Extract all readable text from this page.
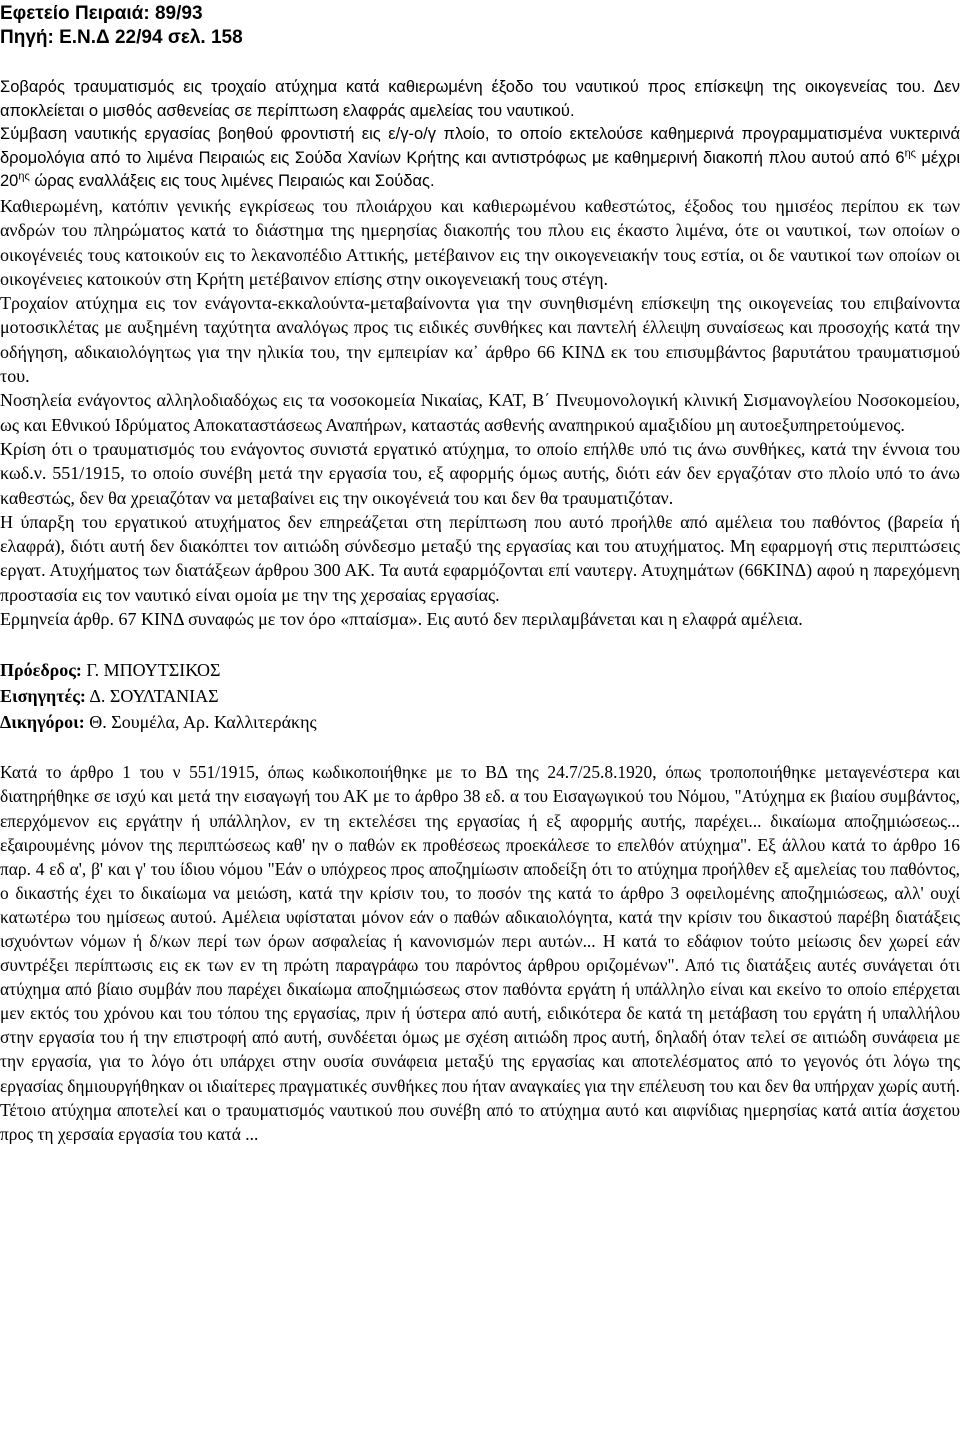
Εφετείο Πειραιά: 89/93

Πηγή: Ε.Ν.Δ 22/94 σελ. 158

Σοβαρός τραυματισμός εις τροχαίο ατύχημα κατά καθιερωμένη έξοδο του ναυτικού προς επίσκεψη της οικογενείας του. Δεν αποκλείεται ο μισθός ασθενείας σε περίπτωση ελαφράς αμελείας του ναυτικού.

Σύμβαση ναυτικής εργασίας βοηθού φροντιστή εις ε/γ-ο/γ πλοίο, το οποίο εκτελούσε καθημερινά προγραμματισμένα νυκτερινά δρομολόγια από το λιμένα Πειραιώς εις Σούδα Χανίων Κρήτης και αντιστρόφως με καθημερινή διακοπή πλου αυτού από $6^{\eta\varsigma}$ μέχρι $20^{\eta\varsigma}$ ώρας εναλλάξεις εις τους λιμένες Πειραιώς και Σούδας.

Καθιερωμένη, κατόπιν γενικής εγκρίσεως του πλοιάρχου και καθιερωμένου καθεστώτος, έξοδος του ημισέος περίπου εκ των ανδρών του πληρώματος κατά το διάστημα της ημερησίας διακοπής του πλου εις έκαστο λιμένα, ότε οι ναυτικοί, των οποίων ο οικογένειές τους κατοικούν εις το λεκανοπέδιο Αττικής, μετέβαινον εις την οικογενειακήν τους εστία, οι δε ναυτικοί των οποίων οι οικογένειες κατοικούν στη Κρήτη μετέβαινον επίσης στην οικογενειακή τους στέγη.

Τροχαίον ατύχημα εις τον ενάγοντα-εκκαλούντα-μεταβαίνοντα για την συνηθισμένη επίσκεψη της οικογενείας του επιβαίνοντα μοτοσικλέτας με αυξημένη ταχύτητα αναλόγως προς τις ειδικές συνθήκες και παντελή έλλειψη συναίσεως και προσοχής κατά την οδήγηση, αδικαιολόγητως για την ηλικία του, την εμπειρίαν κα᾽ άρθρο 66 ΚΙΝΔ εκ του επισυμβάντος βαρυτάτου τραυματισμού του.

Νοσηλεία ενάγοντος αλληλοδιαδόχως εις τα νοσοκομεία Νικαίας, ΚΑΤ, Β΄ Πνευμονολογική κλινική Σισμανογλείου Νοσοκομείου, ως και Εθνικού Ιδρύματος Αποκαταστάσεως Αναπήρων, καταστάς ασθενής αναπηρικού αμαξιδίου μη αυτοεξυπηρετούμενος.

Κρίση ότι ο τραυματισμός του ενάγοντος συνιστά εργατικό ατύχημα, το οποίο επήλθε υπό τις άνω συνθήκες, κατά την έννοια του κωδ.ν. 551/1915, το οποίο συνέβη μετά την εργασία του, εξ αφορμής όμως αυτής, διότι εάν δεν εργαζόταν στο πλοίο υπό το άνω καθεστώς, δεν θα χρειαζόταν να μεταβαίνει εις την οικογένειά του και δεν θα τραυματιζόταν.

Η ύπαρξη του εργατικού ατυχήματος δεν επηρεάζεται στη περίπτωση που αυτό προήλθε από αμέλεια του παθόντος (βαρεία ή ελαφρά), διότι αυτή δεν διακόπτει τον αιτιώδη σύνδεσμο μεταξύ της εργασίας και του ατυχήματος. Μη εφαρμογή στις περιπτώσεις εργατ. Ατυχήματος των διατάξεων άρθρου 300 ΑΚ. Τα αυτά εφαρμόζονται επί ναυτεργ. Ατυχημάτων (66ΚΙΝΔ) αφού η παρεχόμενη προστασία εις τον ναυτικό είναι ομοία με την της χερσαίας εργασίας.

Ερμηνεία άρθρ. 67 ΚΙΝΔ συναφώς με τον όρο «πταίσμα». Εις αυτό δεν περιλαμβάνεται και η ελαφρά αμέλεια.

Πρόεδρος: Γ. ΜΠΟΥΤΣΙΚΟΣ

Εισηγητές: Δ. ΣΟΥΛΤΑΝΙΑΣ

Δικηγόροι: Θ. Σουμέλα, Αρ. Καλλιτεράκης

Κατά το άρθρο 1 του ν 551/1915, όπως κωδικοποιήθηκε με το ΒΔ της 24.7/25.8.1920, όπως τροποποιήθηκε μεταγενέστερα και διατηρήθηκε σε ισχύ και μετά την εισαγωγή του ΑΚ με το άρθρο 38 εδ. α του Εισαγωγικού του Νόμου, "Ατύχημα εκ βιαίου συμβάντος, επερχόμενον εις εργάτην ή υπάλληλον, εν τη εκτελέσει της εργασίας ή εξ αφορμής αυτής, παρέχει... δικαίωμα αποζημιώσεως... εξαιρουμένης μόνον της περιπτώσεως καθ' ην ο παθών εκ προθέσεως προεκάλεσε το επελθόν ατύχημα". Εξ άλλου κατά το άρθρο 16 παρ. 4 εδ α', β' και γ' του ίδιου νόμου "Εάν ο υπόχρεος προς αποζημίωσιν αποδείξη ότι το ατύχημα προήλθεν εξ αμελείας του παθόντος, ο δικαστής έχει το δικαίωμα να μειώση, κατά την κρίσιν του, το ποσόν της κατά το άρθρο 3 οφειλομένης αποζημιώσεως, αλλ' ουχί κατωτέρω του ημίσεως αυτού. Αμέλεια υφίσταται μόνον εάν ο παθών αδικαιολόγητα, κατά την κρίσιν του δικαστού παρέβη διατάξεις ισχυόντων νόμων ή δ/κων περί των όρων ασφαλείας ή κανονισμών περι αυτών... Η κατά το εδάφιον τούτο μείωσις δεν χωρεί εάν συντρέξει περίπτωσις εις εκ των εν τη πρώτη παραγράφω του παρόντος άρθρου οριζομένων". Από τις διατάξεις αυτές συνάγεται ότι ατύχημα από βίαιο συμβάν που παρέχει δικαίωμα αποζημιώσεως στον παθόντα εργάτη ή υπάλληλο είναι και εκείνο το οποίο επέρχεται μεν εκτός του χρόνου και του τόπου της εργασίας, πριν ή ύστερα από αυτή, ειδικότερα δε κατά τη μετάβαση του εργάτη ή υπαλλήλου στην εργασία του ή την επιστροφή από αυτή, συνδέεται όμως με σχέση αιτιώδη προς αυτή, δηλαδή όταν τελεί σε αιτιώδη συνάφεια με την εργασία, για το λόγο ότι υπάρχει στην ουσία συνάφεια μεταξύ της εργασίας και αποτελέσματος από το γεγονός ότι λόγω της εργασίας δημιουργήθηκαν οι ιδιαίτερες πραγματικές συνθήκες που ήταν αναγκαίες για την επέλευση του και δεν θα υπήρχαν χωρίς αυτή. Τέτοιο ατύχημα αποτελεί και ο τραυματισμός ναυτικού που συνέβη από το ατύχημα αυτό και αιφνίδιας ημερησίας κατά αιτία άσχετου προς τη χερσαία εργασία του κατά ...
